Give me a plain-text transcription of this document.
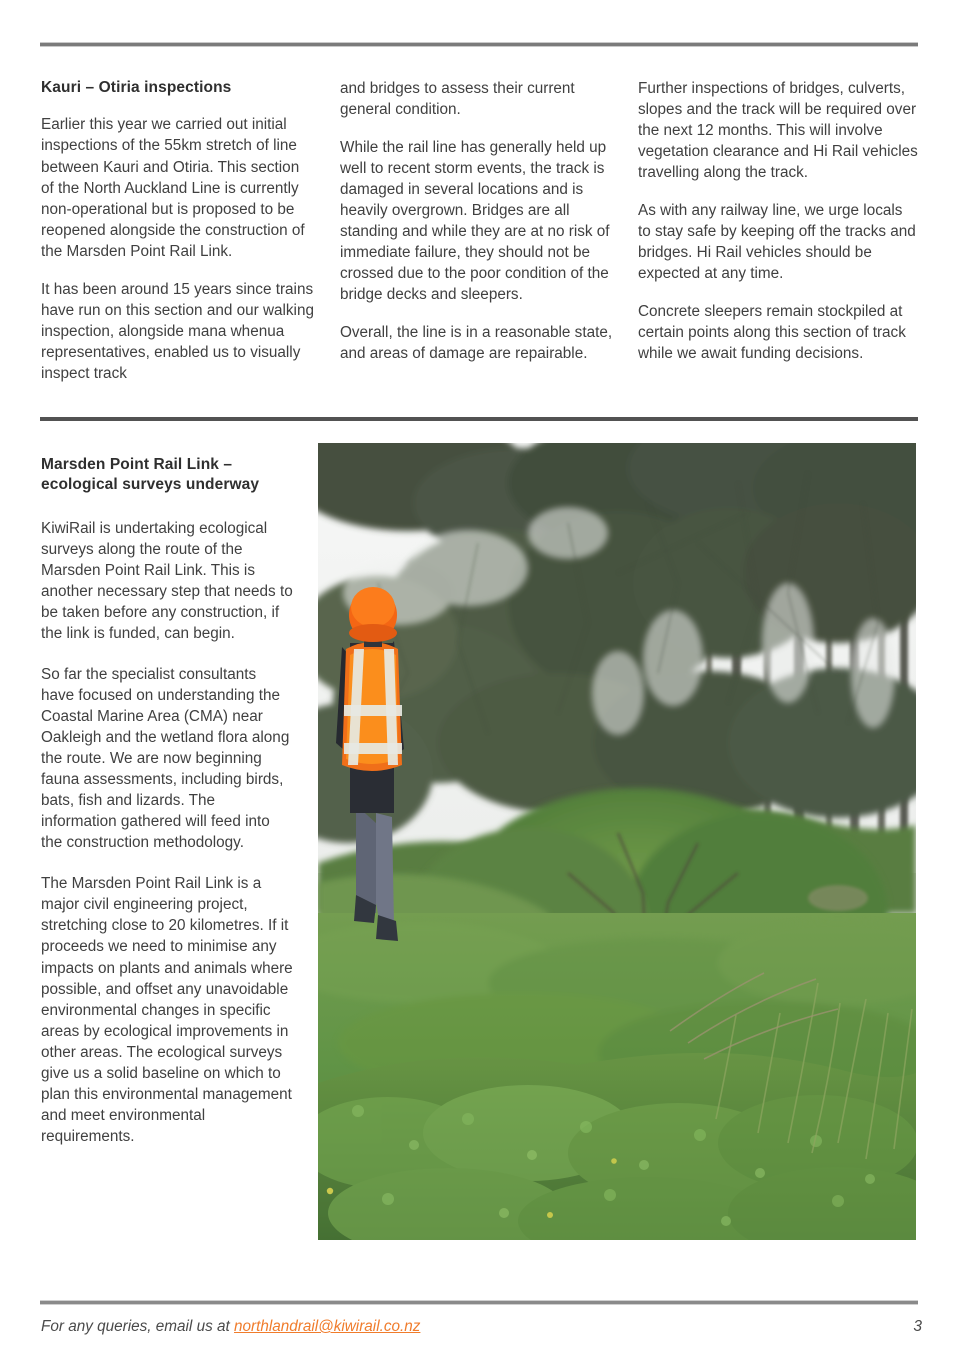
Kauri – Otiria inspections

Earlier this year we carried out initial inspections of the 55km stretch of line between Kauri and Otiria. This section of the North Auckland Line is currently non-operational but is proposed to be reopened alongside the construction of the Marsden Point Rail Link.

It has been around 15 years since trains have run on this section and our walking inspection, alongside mana whenua representatives, enabled us to visually inspect track

and bridges to assess their current general condition.

While the rail line has generally held up well to recent storm events, the track is damaged in several locations and is heavily overgrown. Bridges are all standing and while they are at no risk of immediate failure, they should not be crossed due to the poor condition of the bridge decks and sleepers.

Overall, the line is in a reasonable state, and areas of damage are repairable.

Further inspections of bridges, culverts, slopes and the track will be required over the next 12 months. This will involve vegetation clearance and Hi Rail vehicles travelling along the track.

As with any railway line, we urge locals to stay safe by keeping off the tracks and bridges. Hi Rail vehicles should be expected at any time.

Concrete sleepers remain stockpiled at certain points along this section of track while we await funding decisions.

Marsden Point Rail Link – ecological surveys underway

KiwiRail is undertaking ecological surveys along the route of the Marsden Point Rail Link. This is another necessary step that needs to be taken before any construction, if the link is funded, can begin.

So far the specialist consultants have focused on understanding the Coastal Marine Area (CMA) near Oakleigh and the wetland flora along the route. We are now beginning fauna assessments, including birds, bats, fish and lizards. The information gathered will feed into the construction methodology.

The Marsden Point Rail Link is a major civil engineering project, stretching close to 20 kilometres. If it proceeds we need to minimise any impacts on plants and animals where possible, and offset any unavoidable environmental changes in specific areas by ecological improvements in other areas. The ecological surveys give us a solid baseline on which to plan this environmental management and meet environmental requirements.

For any queries, email us at northlandrail@kiwirail.co.nz	3
